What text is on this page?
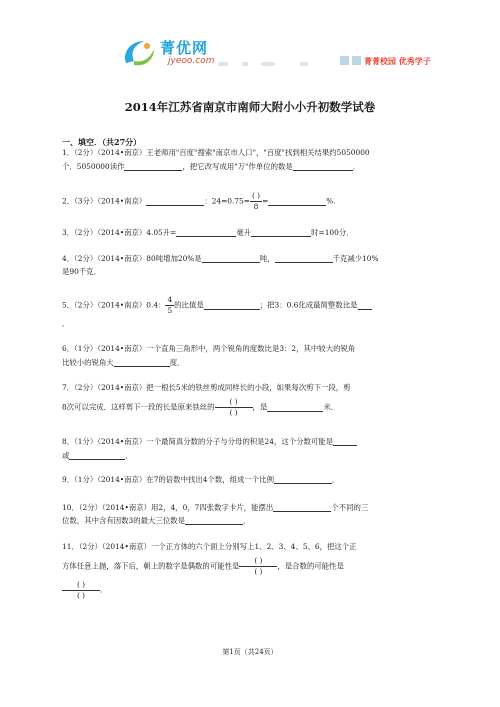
菁优网
jyeoo.com	菁菁校园 优秀学子
2014年江苏省南京市南师大附小小升初数学试卷
一、填空．（共27分）
1．（2分）（2014•南京）王老师用"百度"搜索"南京市人口"，"百度"找到相关结果约5050000
个．5050000读作	，把它改写成用"万"作单位的数是	．
2．（3分）（2014•南京）	：$24=0.75= \frac{( )}{8}$ =	%.
3．（2分）（2014•南京）4.05升=	毫升	时=100分．
4．（2分）（2014•南京）80吨增加20%是	吨，	千克减少10%
是90千克．
5．（2分）（2014•南京）0.4： $\frac{4}{5}$ 的比值是	；把3：0.6化成最简整数比是
．
6．（1分）（2014•南京）一个直角三角形中，两个锐角的度数比是3：2，其中较大的锐角
比较小的锐角大	度．
7．（2分）（2014•南京）把一根长5米的铁丝剪成同样长的小段，如果每次剪下一段，剪
8次可以完成．这样剪下一段的长是原来铁丝的 $\frac{( )}{( )}$ ，是	米．
8．（1分）（2014•南京）一个最简真分数的分子与分母的积是24，这个分数可能是
或	．
9．（1分）（2014•南京）在7的倍数中找出4个数，组成一个比例	．
10．（2分）（2014•南京）用2，4，0，7四张数字卡片，能摆出	个不同的三
位数，其中含有因数3的最大三位数是	．
11．（2分）（2014•南京）一个正方体的六个面上分别写上1、2、3、4、5、6，把这个正
方体任意上抛，落下后，朝上的数字是偶数的可能性是 $\frac{( )}{( )}$ ，是合数的可能性是
$\frac{( )}{( )}$ .
第1页（共24页）
